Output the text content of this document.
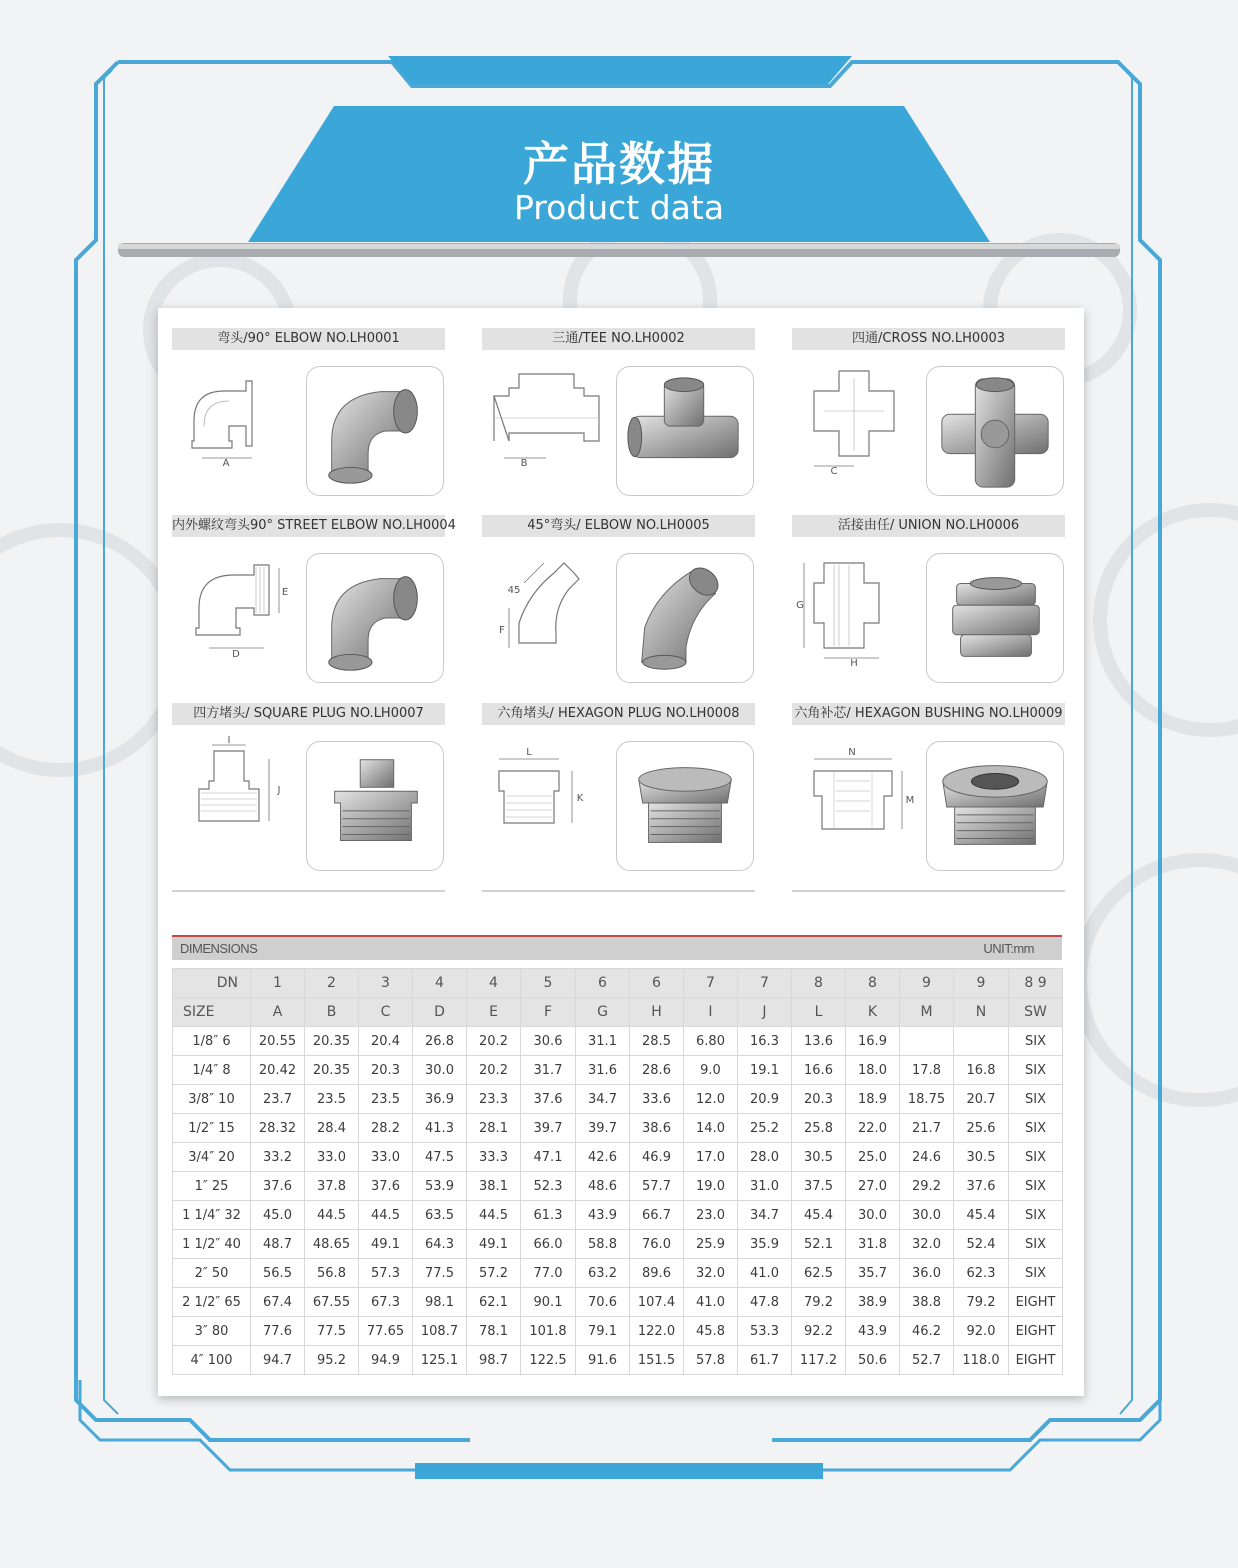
产品数据
Product data
弯头/90° ELBOW NO.LH0001
A
三通/TEE NO.LH0002
B
四通/CROSS NO.LH0003
C
内外螺纹弯头90° STREET ELBOW NO.LH0004
D
E
45°弯头/ ELBOW NO.LH0005
F
45
活接由任/ UNION NO.LH0006
H
G
四方堵头/ SQUARE PLUG NO.LH0007
I
J
六角堵头/ HEXAGON PLUG NO.LH0008
L
K
六角补芯/ HEXAGON BUSHING NO.LH0009
N
M
DIMENSIONS	UNIT:mm
DN	1	2	3	4	4	5	6	6	7	7	8	8	9	9	8 9
SIZE	A	B	C	D	E	F	G	H	I	J	L	K	M	N	SW
1/8″ 6	20.55	20.35	20.4	26.8	20.2	30.6	31.1	28.5	6.80	16.3	13.6	16.9			SIX
1/4″ 8	20.42	20.35	20.3	30.0	20.2	31.7	31.6	28.6	9.0	19.1	16.6	18.0	17.8	16.8	SIX
3/8″ 10	23.7	23.5	23.5	36.9	23.3	37.6	34.7	33.6	12.0	20.9	20.3	18.9	18.75	20.7	SIX
1/2″ 15	28.32	28.4	28.2	41.3	28.1	39.7	39.7	38.6	14.0	25.2	25.8	22.0	21.7	25.6	SIX
3/4″ 20	33.2	33.0	33.0	47.5	33.3	47.1	42.6	46.9	17.0	28.0	30.5	25.0	24.6	30.5	SIX
1″ 25	37.6	37.8	37.6	53.9	38.1	52.3	48.6	57.7	19.0	31.0	37.5	27.0	29.2	37.6	SIX
1 1/4″ 32	45.0	44.5	44.5	63.5	44.5	61.3	43.9	66.7	23.0	34.7	45.4	30.0	30.0	45.4	SIX
1 1/2″ 40	48.7	48.65	49.1	64.3	49.1	66.0	58.8	76.0	25.9	35.9	52.1	31.8	32.0	52.4	SIX
2″ 50	56.5	56.8	57.3	77.5	57.2	77.0	63.2	89.6	32.0	41.0	62.5	35.7	36.0	62.3	SIX
2 1/2″ 65	67.4	67.55	67.3	98.1	62.1	90.1	70.6	107.4	41.0	47.8	79.2	38.9	38.8	79.2	EIGHT
3″ 80	77.6	77.5	77.65	108.7	78.1	101.8	79.1	122.0	45.8	53.3	92.2	43.9	46.2	92.0	EIGHT
4″ 100	94.7	95.2	94.9	125.1	98.7	122.5	91.6	151.5	57.8	61.7	117.2	50.6	52.7	118.0	EIGHT
